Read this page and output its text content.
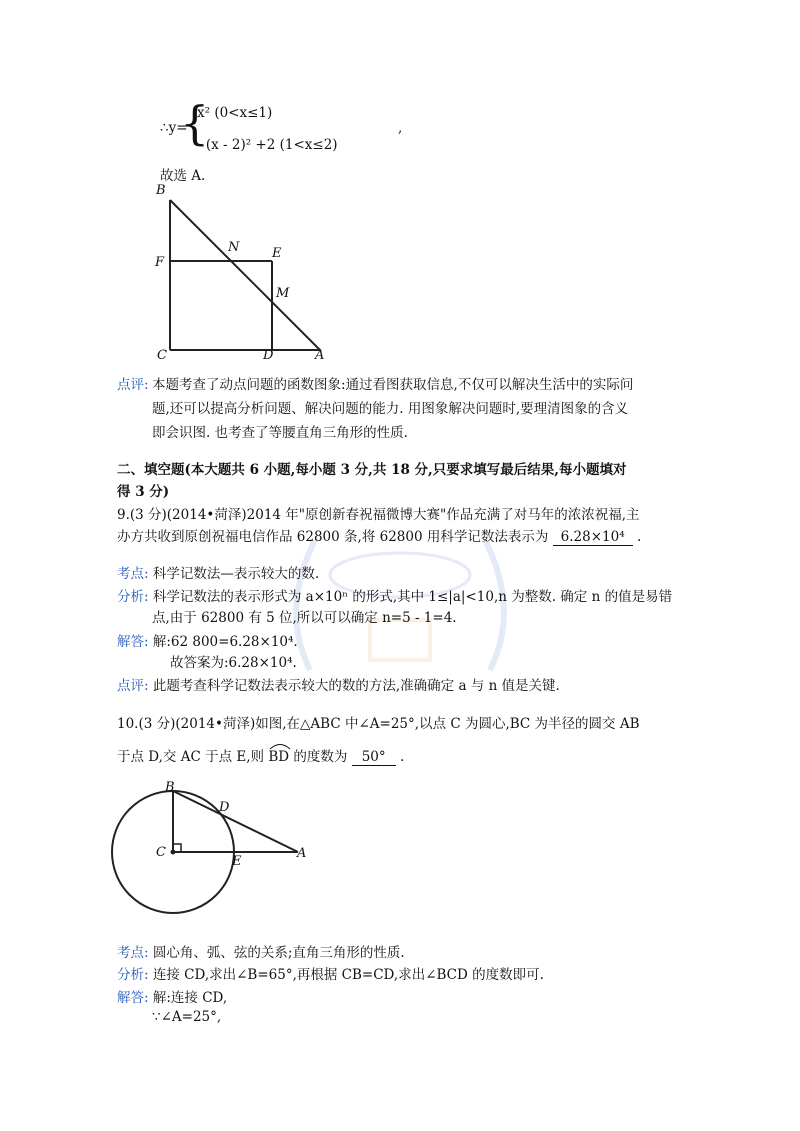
∴y=
{
x² (0<x≤1)
- (x - 2)² +2 (1<x≤2)
,
故选 A.
B
N	E
F
M
C	D	A
点评: 本题考查了动点问题的函数图象:通过看图获取信息,不仅可以解决生活中的实际问
题,还可以提高分析问题、解决问题的能力. 用图象解决问题时,要理清图象的含义
即会识图. 也考查了等腰直角三角形的性质.
二、填空题(本大题共 6 小题,每小题 3 分,共 18 分,只要求填写最后结果,每小题填对
得 3 分)
9.(3 分)(2014•菏泽)2014 年"原创新春祝福微博大赛"作品充满了对马年的浓浓祝福,主
办方共收到原创祝福电信作品 62800 条,将 62800 用科学记数法表示为 6.28×10⁴ .
考点: 科学记数法—表示较大的数.
分析: 科学记数法的表示形式为 a×10ⁿ 的形式,其中 1≤|a|<10,n 为整数. 确定 n 的值是易错
点,由于 62800 有 5 位,所以可以确定 n=5 - 1=4.
解答: 解:62 800=6.28×10⁴.
故答案为:6.28×10⁴.
点评: 此题考查科学记数法表示较大的数的方法,准确确定 a 与 n 值是关键.
10.(3 分)(2014•菏泽)如图,在△ABC 中∠A=25°,以点 C 为圆心,BC 为半径的圆交 AB
于点 D,交 AC 于点 E,则 BD 的度数为 50° .
B
D
C
E
A
考点: 圆心角、弧、弦的关系;直角三角形的性质.
分析: 连接 CD,求出∠B=65°,再根据 CB=CD,求出∠BCD 的度数即可.
解答: 解:连接 CD,
∵∠A=25°,
